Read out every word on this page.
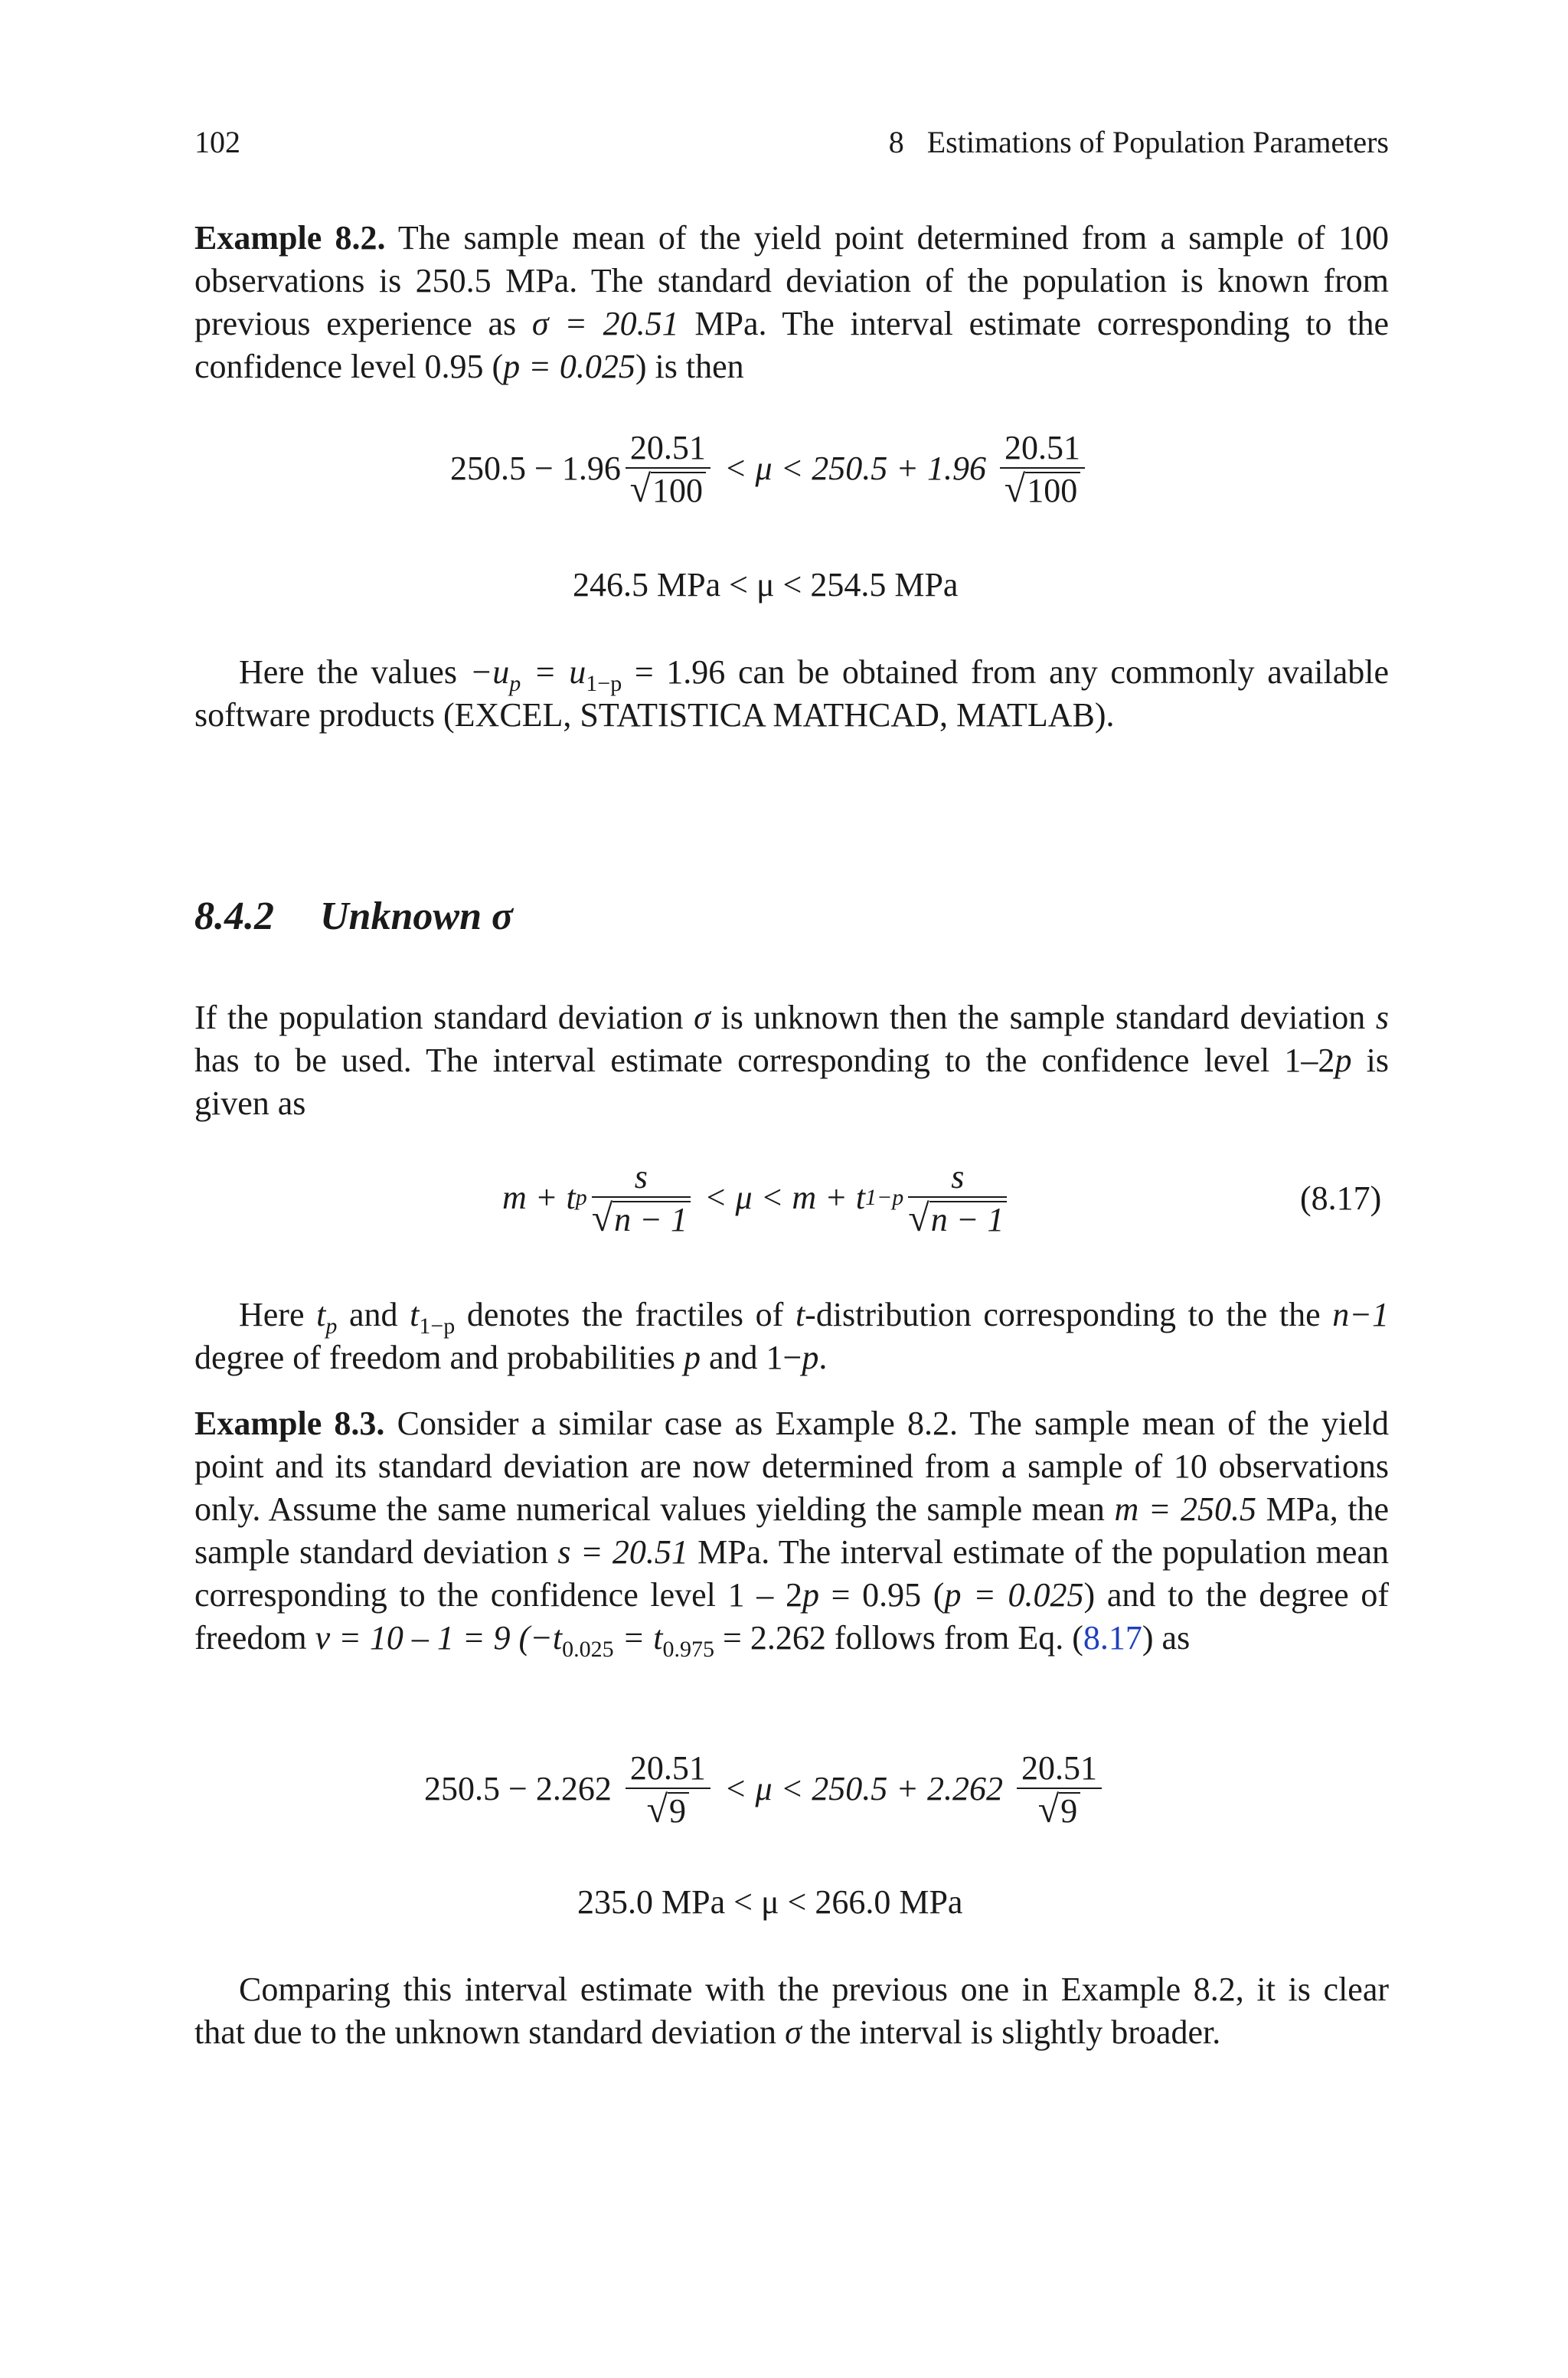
102	8   Estimations of Population Parameters

Example 8.2. The sample mean of the yield point determined from a sample of 100 observations is 250.5 MPa. The standard deviation of the population is known from previous experience as σ = 20.51 MPa. The interval estimate corresponding to the confidence level 0.95 (p = 0.025) is then

$250.5 - 1.96 \frac{20.51}{√ 100} < \mu < 250.5 + 1.96 \frac{20.51}{√ 100}$
246.5 MPa < μ < 254.5 MPa

Here the values $-u_p = u_{1-p} = 1.96$ can be obtained from any commonly available software products (EXCEL, STATISTICA MATHCAD, MATLAB).

8.4.2 Unknown σ

If the population standard deviation σ is unknown then the sample standard deviation s has to be used. The interval estimate corresponding to the confidence level 1–2p is given as

m + t p $\frac{s}{√ n - 1} < \mu < m + t$ $1-p \frac{s}{√ n - 1}$	(8.17)

Here $t_p$ and $t_{1-p}$ denotes the fractiles of t-distribution corresponding to the the n−1 degree of freedom and probabilities p and 1−p.

Example 8.3. Consider a similar case as Example 8.2. The sample mean of the yield point and its standard deviation are now determined from a sample of 10 observations only. Assume the same numerical values yielding the sample mean m = 250.5 MPa, the sample standard deviation s = 20.51 MPa. The interval estimate of the population mean corresponding to the confidence level 1 – 2p = 0.95 (p = 0.025) and to the degree of freedom ν = 10 – 1 = 9 ($-t_{0.025} = t_{0.975} = 2.262$ follows from Eq. (8.17) as

$250.5 - 2.262 \frac{20.51}{√ 9} < \mu < 250.5 + 2.262 \frac{20.51}{√ 9}$
235.0 MPa < μ < 266.0 MPa

Comparing this interval estimate with the previous one in Example 8.2, it is clear that due to the unknown standard deviation σ the interval is slightly broader.
